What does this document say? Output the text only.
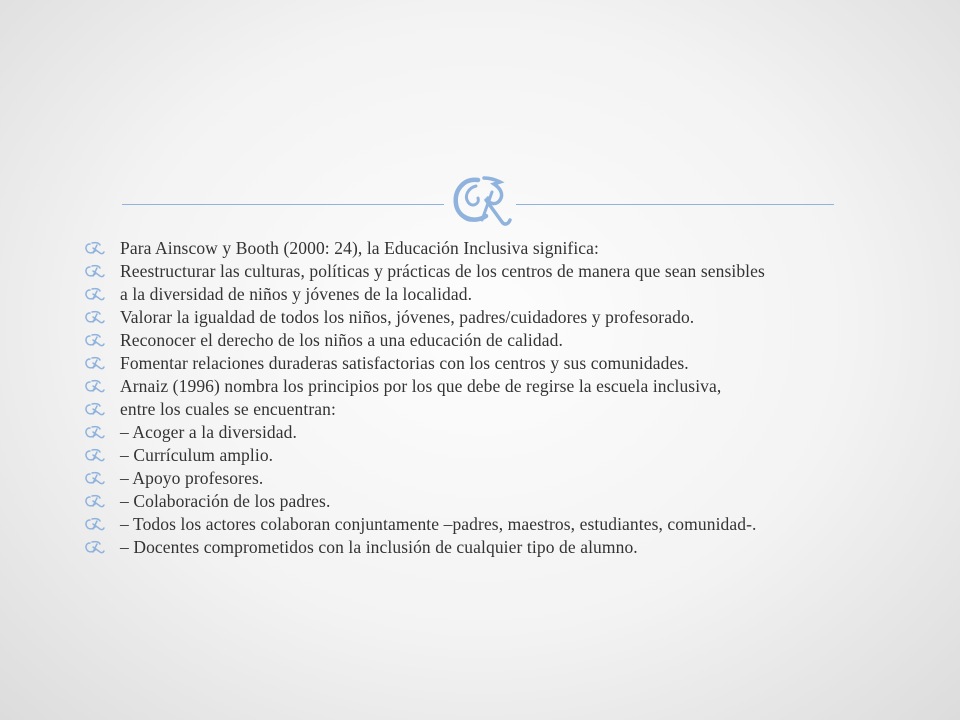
Para Ainscow y Booth (2000: 24), la Educación Inclusiva significa:
Reestructurar las culturas, políticas y prácticas de los centros de manera que sean sensibles
a la diversidad de niños y jóvenes de la localidad.
Valorar la igualdad de todos los niños, jóvenes, padres/cuidadores y profesorado.
Reconocer el derecho de los niños a una educación de calidad.
Fomentar relaciones duraderas satisfactorias con los centros y sus comunidades.
Arnaiz (1996) nombra los principios por los que debe de regirse la escuela inclusiva,
entre los cuales se encuentran:
– Acoger a la diversidad.
– Currículum amplio.
– Apoyo profesores.
– Colaboración de los padres.
– Todos los actores colaboran conjuntamente –padres, maestros, estudiantes, comunidad-.
– Docentes comprometidos con la inclusión de cualquier tipo de alumno.
